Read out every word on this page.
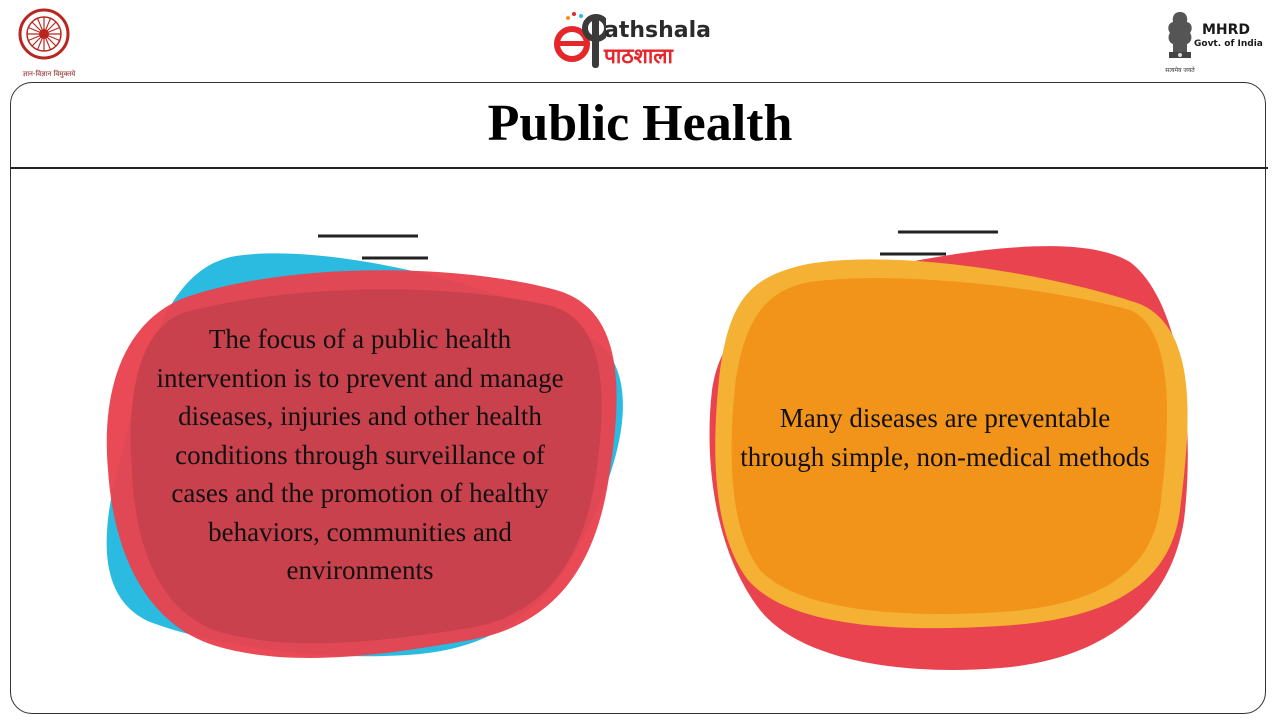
ज्ञान-विज्ञान विमुक्तये
athshala
पाठशाला
MHRD
Govt. of India
सत्यमेव जयते
Public Health
The focus of a public health intervention is to prevent and manage diseases, injuries and other health conditions through surveillance of cases and the promotion of healthy behaviors, communities and environments
Many diseases are preventable through simple, non-medical methods
